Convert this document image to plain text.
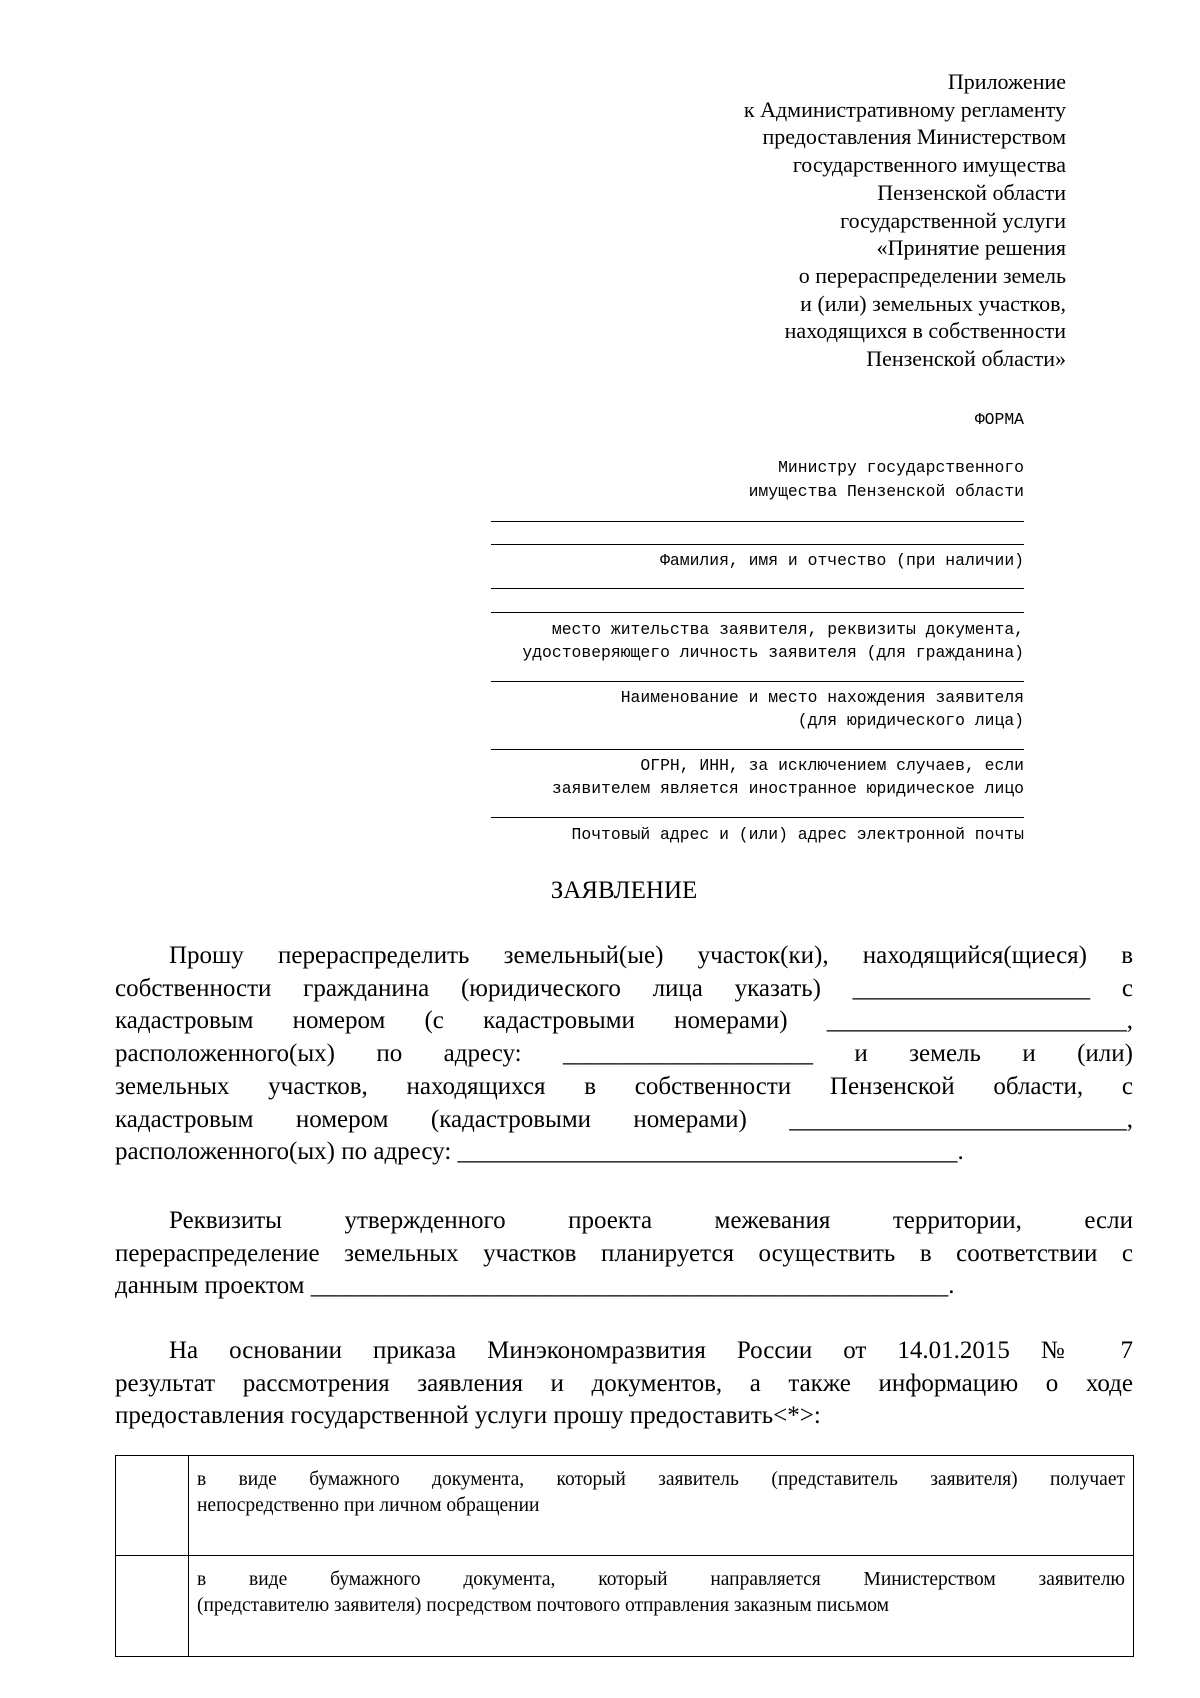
Приложение
к Административному регламенту
предоставления Министерством
государственного имущества
Пензенской области
государственной услуги
«Принятие решения
о перераспределении земель
и (или) земельных участков,
находящихся в собственности
Пензенской области»
ФОРМА
Министру государственного
имущества Пензенской области
Фамилия, имя и отчество (при наличии)
место жительства заявителя, реквизиты документа,
удостоверяющего личность заявителя (для гражданина)
Наименование и место нахождения заявителя
(для юридического лица)
ОГРН, ИНН, за исключением случаев, если
заявителем является иностранное юридическое лицо
Почтовый адрес и (или) адрес электронной почты
ЗАЯВЛЕНИЕ
Прошу перераспределить земельный(ые) участок(ки), находящийся(щиеся) в
собственности гражданина (юридического лица указать) ___________________ с
кадастровым номером (с кадастровыми номерами) ________________________,
расположенного(ых) по адресу: ____________________ и земель и (или)
земельных участков, находящихся в собственности Пензенской области, с
кадастровым номером (кадастровыми номерами) ___________________________,
расположенного(ых) по адресу: ________________________________________.
Реквизиты утвержденного проекта межевания территории, если
перераспределение земельных участков планируется осуществить в соответствии с
данным проектом ___________________________________________________.
На основании приказа Минэкономразвития России от 14.01.2015 № 7
результат рассмотрения заявления и документов, а также информацию о ходе
предоставления государственной услуги прошу предоставить<*>:

	в виде бумажного документа, который заявитель (представитель заявителя) получает
непосредственно при личном обращении

	в виде бумажного документа, который направляется Министерством заявителю
(представителю заявителя) посредством почтового отправления заказным письмом
